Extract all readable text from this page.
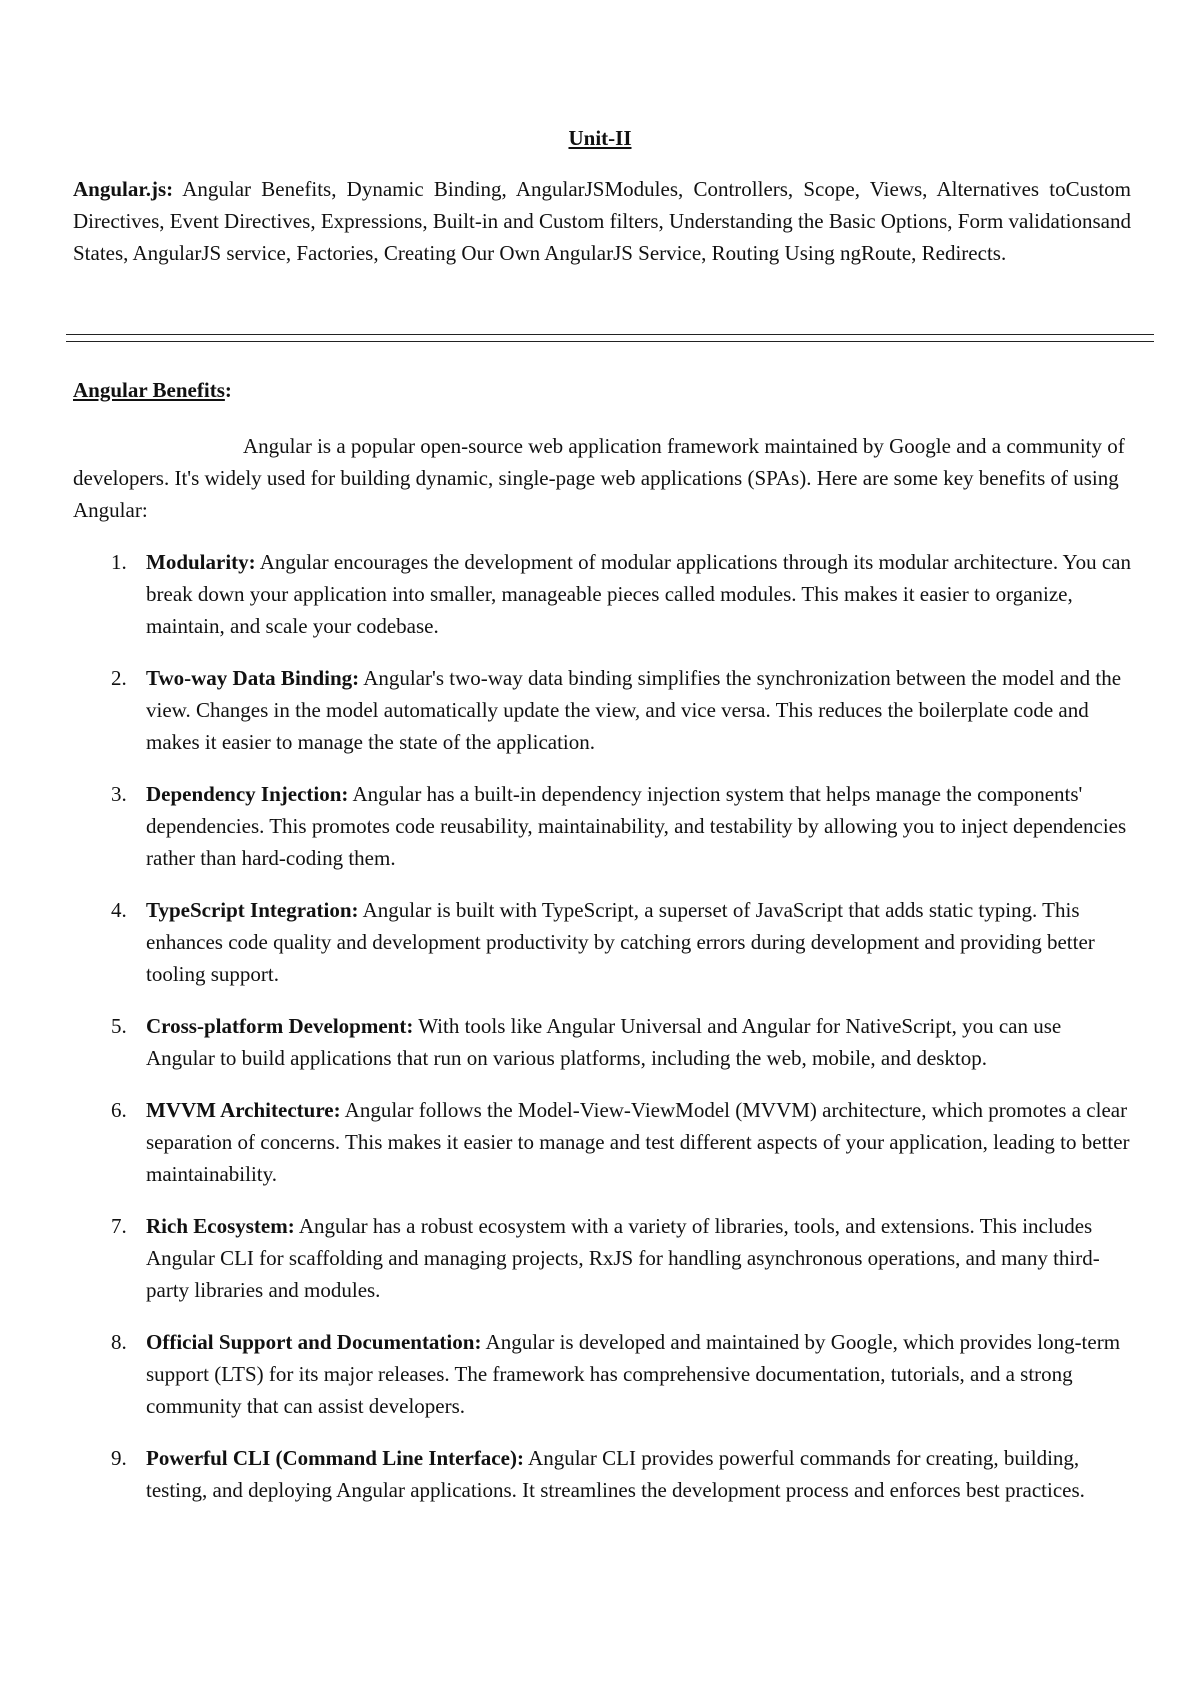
Unit-II

Angular.js: Angular Benefits, Dynamic Binding, AngularJSModules, Controllers, Scope, Views, Alternatives toCustom Directives, Event Directives, Expressions, Built-in and Custom filters, Understanding the Basic Options, Form validationsand States, AngularJS service, Factories, Creating Our Own AngularJS Service, Routing Using ngRoute, Redirects.

Angular Benefits:

Angular is a popular open-source web application framework maintained by Google and a community of developers. It's widely used for building dynamic, single-page web applications (SPAs). Here are some key benefits of using Angular:

1. Modularity: Angular encourages the development of modular applications through its modular architecture. You can break down your application into smaller, manageable pieces called modules. This makes it easier to organize, maintain, and scale your codebase.
2. Two-way Data Binding: Angular's two-way data binding simplifies the synchronization between the model and the view. Changes in the model automatically update the view, and vice versa. This reduces the boilerplate code and makes it easier to manage the state of the application.
3. Dependency Injection: Angular has a built-in dependency injection system that helps manage the components' dependencies. This promotes code reusability, maintainability, and testability by allowing you to inject dependencies rather than hard-coding them.
4. TypeScript Integration: Angular is built with TypeScript, a superset of JavaScript that adds static typing. This enhances code quality and development productivity by catching errors during development and providing better tooling support.
5. Cross-platform Development: With tools like Angular Universal and Angular for NativeScript, you can use Angular to build applications that run on various platforms, including the web, mobile, and desktop.
6. MVVM Architecture: Angular follows the Model-View-ViewModel (MVVM) architecture, which promotes a clear separation of concerns. This makes it easier to manage and test different aspects of your application, leading to better maintainability.
7. Rich Ecosystem: Angular has a robust ecosystem with a variety of libraries, tools, and extensions. This includes Angular CLI for scaffolding and managing projects, RxJS for handling asynchronous operations, and many third-party libraries and modules.
8. Official Support and Documentation: Angular is developed and maintained by Google, which provides long-term support (LTS) for its major releases. The framework has comprehensive documentation, tutorials, and a strong community that can assist developers.
9. Powerful CLI (Command Line Interface): Angular CLI provides powerful commands for creating, building, testing, and deploying Angular applications. It streamlines the development process and enforces best practices.
